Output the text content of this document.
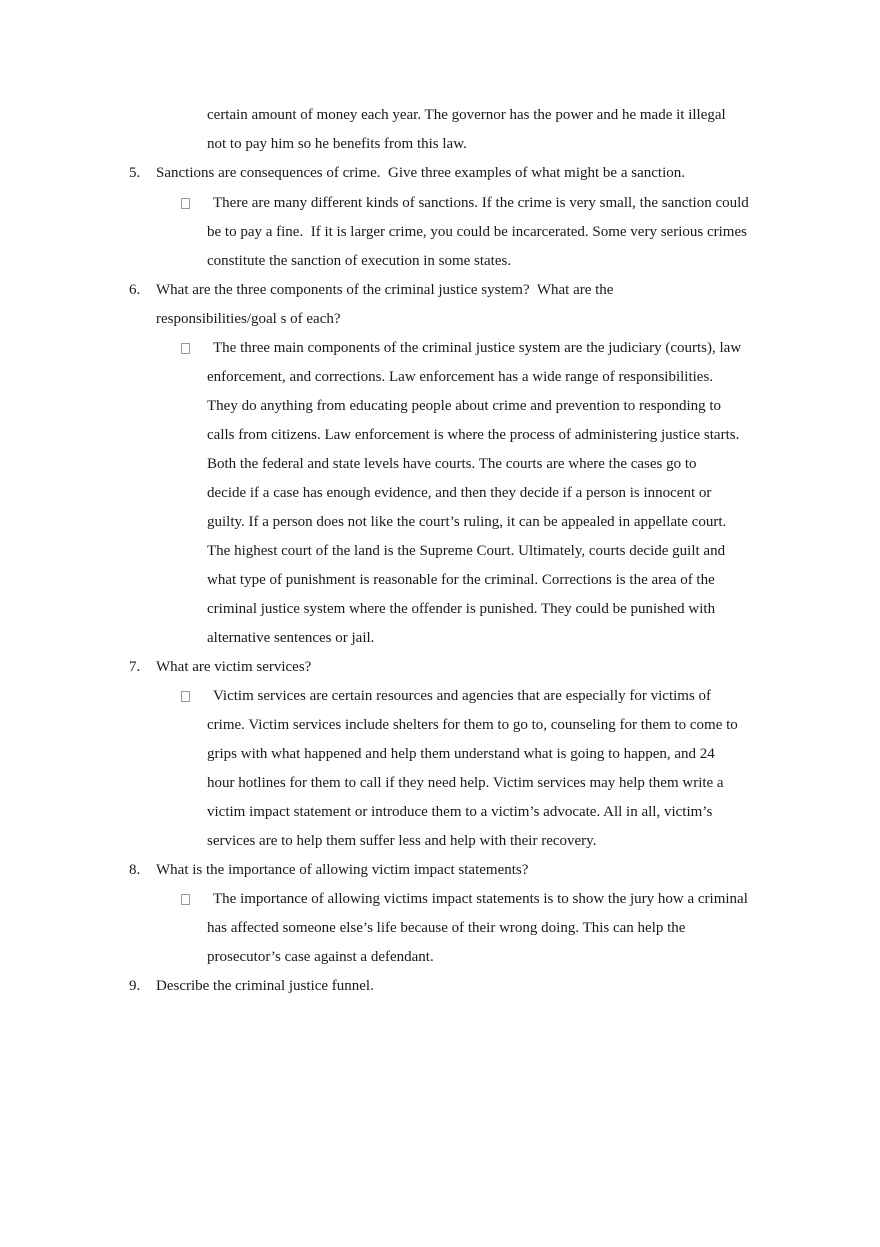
certain amount of money each year. The governor has the power and he made it illegal
not to pay him so he benefits from this law.
5. Sanctions are consequences of crime.  Give three examples of what might be a sanction.
There are many different kinds of sanctions. If the crime is very small, the sanction could
be to pay a fine.  If it is larger crime, you could be incarcerated. Some very serious crimes
constitute the sanction of execution in some states.
6. What are the three components of the criminal justice system?  What are the
responsibilities/goal s of each?
The three main components of the criminal justice system are the judiciary (courts), law
enforcement, and corrections. Law enforcement has a wide range of responsibilities.
They do anything from educating people about crime and prevention to responding to
calls from citizens. Law enforcement is where the process of administering justice starts.
Both the federal and state levels have courts. The courts are where the cases go to
decide if a case has enough evidence, and then they decide if a person is innocent or
guilty. If a person does not like the court’s ruling, it can be appealed in appellate court.
The highest court of the land is the Supreme Court. Ultimately, courts decide guilt and
what type of punishment is reasonable for the criminal. Corrections is the area of the
criminal justice system where the offender is punished. They could be punished with
alternative sentences or jail.
7. What are victim services?
Victim services are certain resources and agencies that are especially for victims of
crime. Victim services include shelters for them to go to, counseling for them to come to
grips with what happened and help them understand what is going to happen, and 24
hour hotlines for them to call if they need help. Victim services may help them write a
victim impact statement or introduce them to a victim’s advocate. All in all, victim’s
services are to help them suffer less and help with their recovery.
8. What is the importance of allowing victim impact statements?
The importance of allowing victims impact statements is to show the jury how a criminal
has affected someone else’s life because of their wrong doing. This can help the
prosecutor’s case against a defendant.
9. Describe the criminal justice funnel.
